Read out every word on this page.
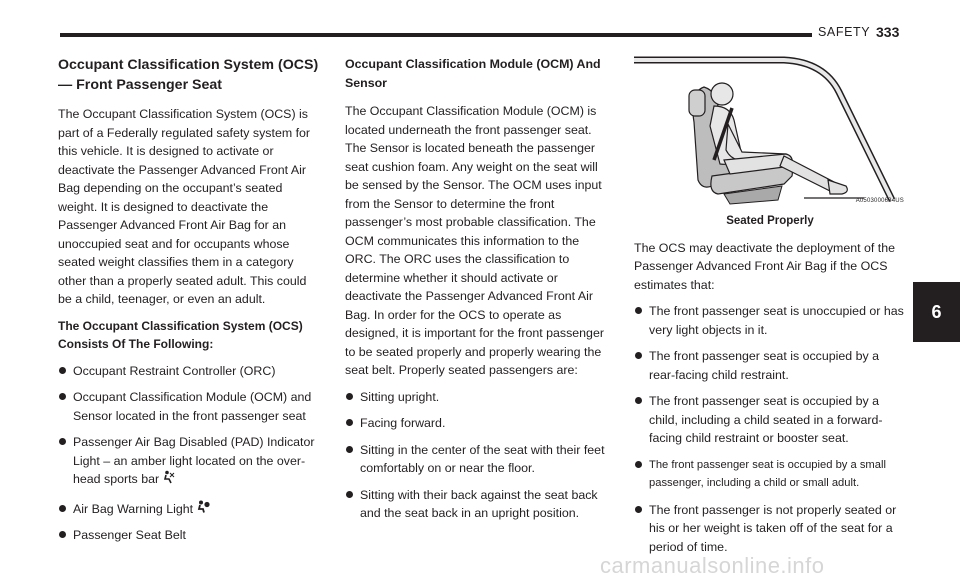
SAFETY 333
6
Occupant Classification System (OCS) — Front Passenger Seat

The Occupant Classification System (OCS) is part of a Federally regulated safety system for this vehicle. It is designed to activate or deactivate the Passenger Advanced Front Air Bag depending on the occupant’s seated weight. It is designed to deactivate the Passenger Advanced Front Air Bag for an unoccupied seat and for occupants whose seated weight classifies them in a category other than a properly seated adult. This could be a child, teenager, or even an adult.

The Occupant Classification System (OCS) Consists Of The Following:
Occupant Restraint Controller (ORC)
Occupant Classification Module (OCM) and Sensor located in the front passenger seat
Passenger Air Bag Disabled (PAD) Indicator Light – an amber light located on the over-head sports bar
Air Bag Warning Light
Passenger Seat Belt
Occupant Classification Module (OCM) And Sensor

The Occupant Classification Module (OCM) is located underneath the front passenger seat. The Sensor is located beneath the passenger seat cushion foam. Any weight on the seat will be sensed by the Sensor. The OCM uses input from the Sensor to determine the front passenger’s most probable classification. The OCM communicates this information to the ORC. The ORC uses the classification to determine whether it should activate or deactivate the Passenger Advanced Front Air Bag. In order for the OCS to operate as designed, it is important for the front passenger to be seated properly and properly wearing the seat belt. Properly seated passengers are:

Sitting upright.
Facing forward.
Sitting in the center of the seat with their feet comfortably on or near the floor.
Sitting with their back against the seat back and the seat back in an upright position.
A0503000634US
Seated Properly

The OCS may deactivate the deployment of the Passenger Advanced Front Air Bag if the OCS estimates that:

The front passenger seat is unoccupied or has very light objects in it.
The front passenger seat is occupied by a rear-facing child restraint.
The front passenger seat is occupied by a child, including a child seated in a forward-facing child restraint or booster seat.
The front passenger seat is occupied by a small passenger, including a child or small adult.
The front passenger is not properly seated or his or her weight is taken off of the seat for a period of time.
carmanualsonline.info
